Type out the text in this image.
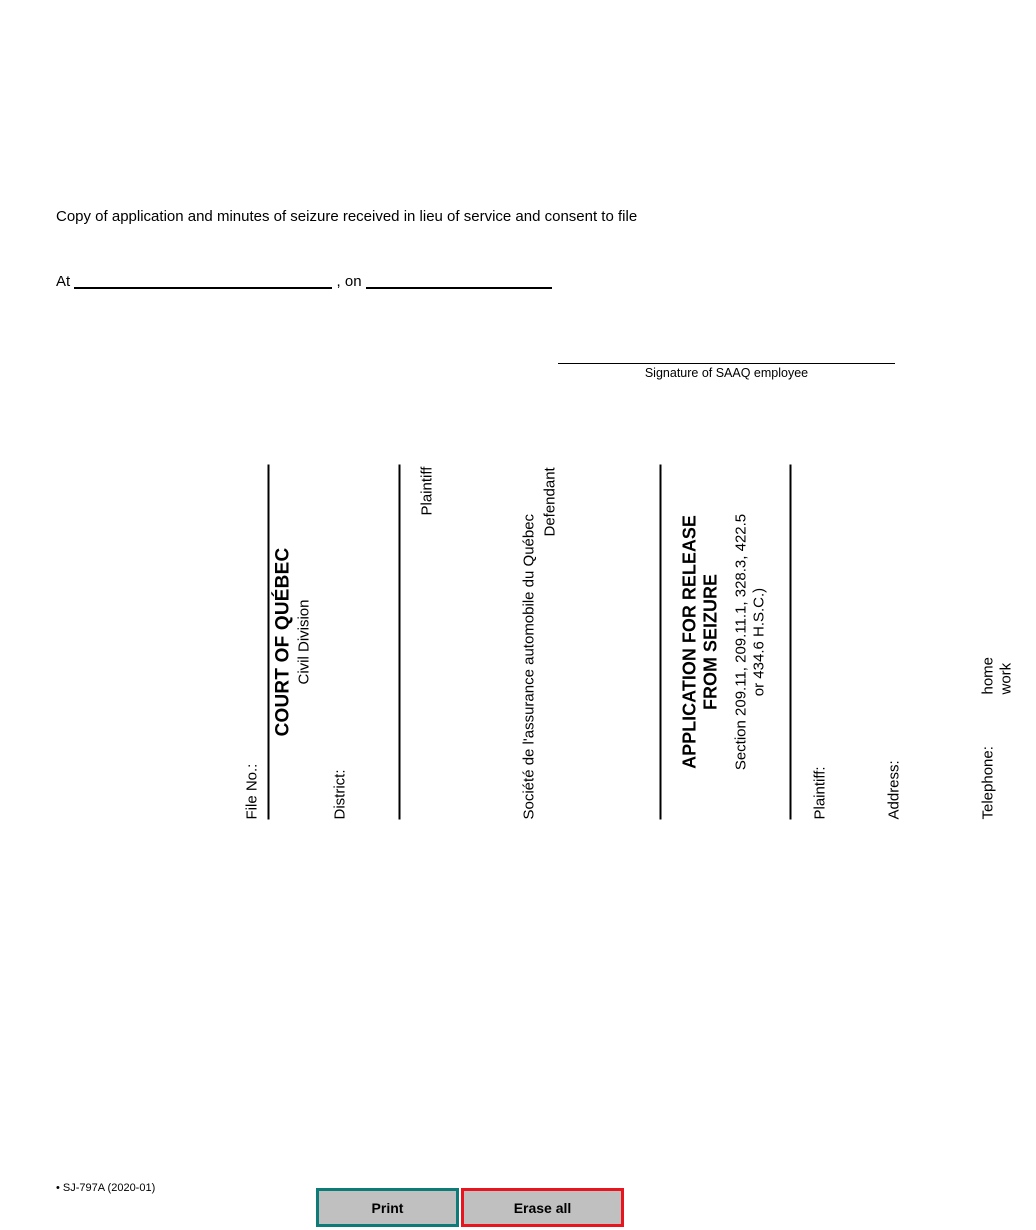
Copy of application and minutes of seizure received in lieu of service and consent to file
At	, on
Signature of SAAQ employee
File No.:
COURT OF QUÉBEC Civil Division
District:
Plaintiff
Société de l'assurance automobile du Québec
Defendant
APPLICATION FOR RELEASE FROM SEIZURE Section 209.11, 209.11.1, 328.3, 422.5 or 434.6 H.S.C.)
Plaintiff:	Address:	Telephone:
home work
• SJ-797A (2020-01)
Print	Erase all
